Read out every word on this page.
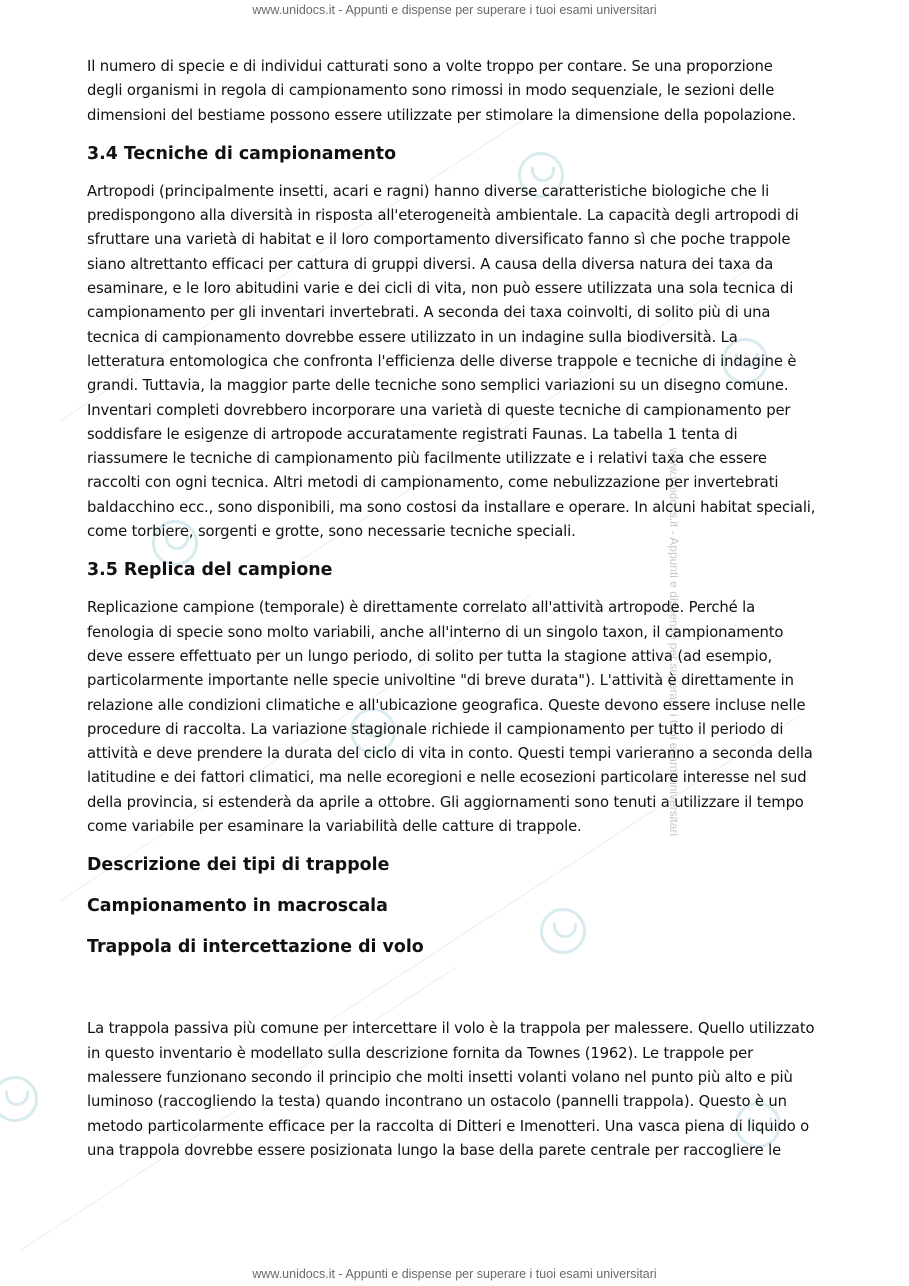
www.unidocs.it - Appunti e dispense per superare i tuoi esami universitari
www.unidocs.it - Appunti e dispense per superare i tuoi esami universitari

Il numero di specie e di individui catturati sono a volte troppo per contare. Se una proporzione
degli organismi in regola di campionamento sono rimossi in modo sequenziale, le sezioni delle
dimensioni del bestiame possono essere utilizzate per stimolare la dimensione della popolazione.

3.4 Tecniche di campionamento

Artropodi (principalmente insetti, acari e ragni) hanno diverse caratteristiche biologiche che li
predispongono alla diversità in risposta all'eterogeneità ambientale. La capacità degli artropodi di
sfruttare una varietà di habitat e il loro comportamento diversificato fanno sì che poche trappole
siano altrettanto efficaci per cattura di gruppi diversi. A causa della diversa natura dei taxa da
esaminare, e le loro abitudini varie e dei cicli di vita, non può essere utilizzata una sola tecnica di
campionamento per gli inventari invertebrati. A seconda dei taxa coinvolti, di solito più di una
tecnica di campionamento dovrebbe essere utilizzato in un indagine sulla biodiversità. La
letteratura entomologica che confronta l'efficienza delle diverse trappole e tecniche di indagine è
grandi. Tuttavia, la maggior parte delle tecniche sono semplici variazioni su un disegno comune.
Inventari completi dovrebbero incorporare una varietà di queste tecniche di campionamento per
soddisfare le esigenze di artropode accuratamente registrati Faunas. La tabella 1 tenta di
riassumere le tecniche di campionamento più facilmente utilizzate e i relativi taxa che essere
raccolti con ogni tecnica. Altri metodi di campionamento, come nebulizzazione per invertebrati
baldacchino ecc., sono disponibili, ma sono costosi da installare e operare. In alcuni habitat speciali,
come torbiere, sorgenti e grotte, sono necessarie tecniche speciali.

3.5 Replica del campione

Replicazione campione (temporale) è direttamente correlato all'attività artropode. Perché la
fenologia di specie sono molto variabili, anche all'interno di un singolo taxon, il campionamento
deve essere effettuato per un lungo periodo, di solito per tutta la stagione attiva (ad esempio,
particolarmente importante nelle specie univoltine "di breve durata"). L'attività è direttamente in
relazione alle condizioni climatiche e all'ubicazione geografica. Queste devono essere incluse nelle
procedure di raccolta. La variazione stagionale richiede il campionamento per tutto il periodo di
attività e deve prendere la durata del ciclo di vita in conto. Questi tempi varieranno a seconda della
latitudine e dei fattori climatici, ma nelle ecoregioni e nelle ecosezioni particolare interesse nel sud
della provincia, si estenderà da aprile a ottobre. Gli aggiornamenti sono tenuti a utilizzare il tempo
come variabile per esaminare la variabilità delle catture di trappole.

Descrizione dei tipi di trappole
Campionamento in macroscala
Trappola di intercettazione di volo

La trappola passiva più comune per intercettare il volo è la trappola per malessere. Quello utilizzato
in questo inventario è modellato sulla descrizione fornita da Townes (1962). Le trappole per
malessere funzionano secondo il principio che molti insetti volanti volano nel punto più alto e più
luminoso (raccogliendo la testa) quando incontrano un ostacolo (pannelli trappola). Questo è un
metodo particolarmente efficace per la raccolta di Ditteri e Imenotteri. Una vasca piena di liquido o
una trappola dovrebbe essere posizionata lungo la base della parete centrale per raccogliere le

www.unidocs.it - Appunti e dispense per superare i tuoi esami universitari
